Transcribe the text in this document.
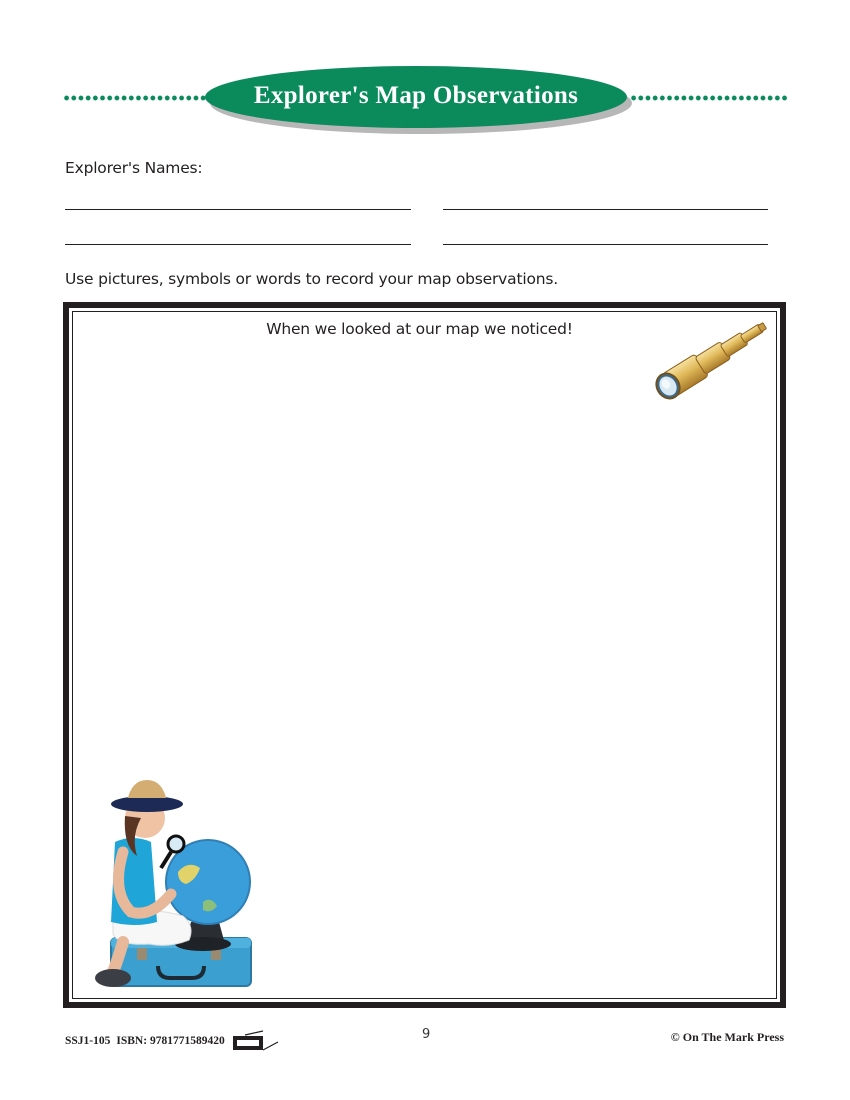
Explorer's Map Observations
Explorer's Names:
Use pictures, symbols or words to record your map observations.
When we looked at our map we noticed!
SSJ1-105 ISBN: 9781771589420	9	© On The Mark Press
